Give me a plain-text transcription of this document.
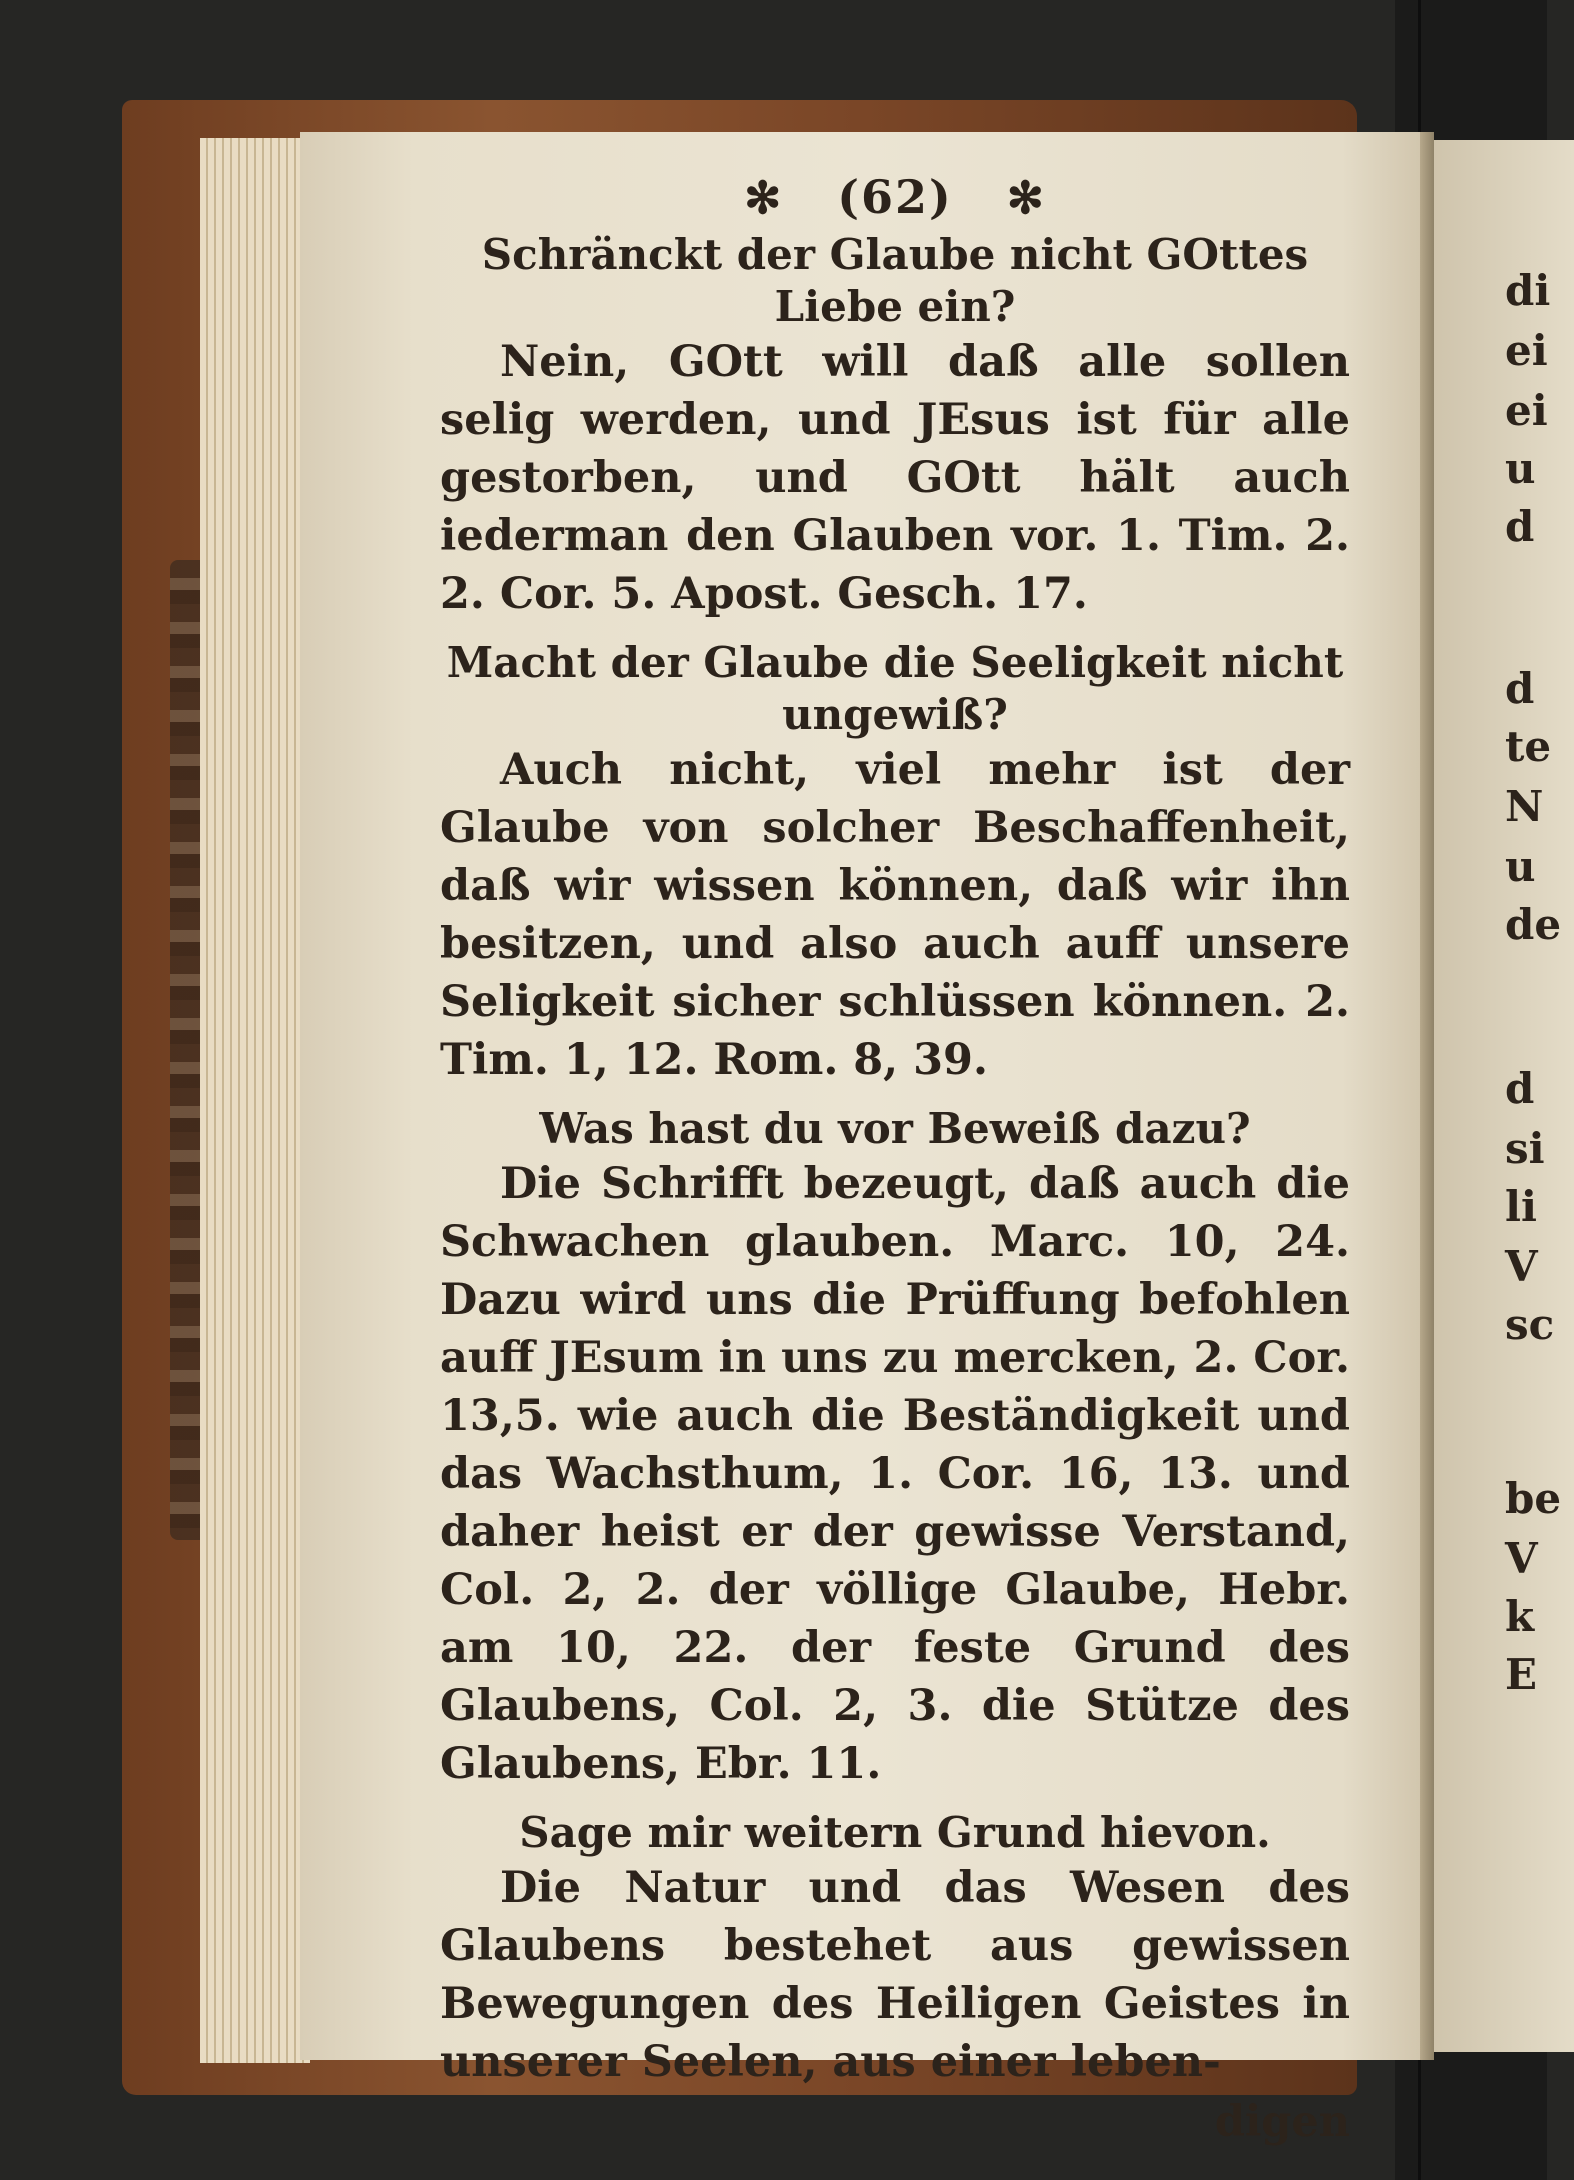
✻ (62) ✻
Schränckt der Glaube nicht GOttes
Liebe ein?

Nein, GOtt will daß alle sollen selig werden, und JEsus ist für alle gestorben, und GOtt hält auch iederman den Glauben vor. 1. Tim. 2. 2. Cor. 5. Apost. Gesch. 17.

Macht der Glaube die Seeligkeit nicht
ungewiß?

Auch nicht, viel mehr ist der Glaube von solcher Beschaffenheit, daß wir wissen können, daß wir ihn besitzen, und also auch auff unsere Seligkeit sicher schlüssen können. 2. Tim. 1, 12. Rom. 8, 39.

Was hast du vor Beweiß dazu?

Die Schrifft bezeugt, daß auch die Schwachen glauben. Marc. 10, 24. Dazu wird uns die Prüffung befohlen auff JEsum in uns zu mercken, 2. Cor. 13,5. wie auch die Beständigkeit und das Wachsthum, 1. Cor. 16, 13. und daher heist er der gewisse Verstand, Col. 2, 2. der völlige Glaube, Hebr. am 10, 22. der feste Grund des Glaubens, Col. 2, 3. die Stütze des Glaubens, Ebr. 11.

Sage mir weitern Grund hievon.

Die Natur und das Wesen des Glaubens bestehet aus gewissen Bewegungen des Heiligen Geistes in unserer Seelen, aus einer leben-

digen
di
ei
ei
u
d
d
te
N
u
de
d
si
li
V
sc
be
V
k
E
